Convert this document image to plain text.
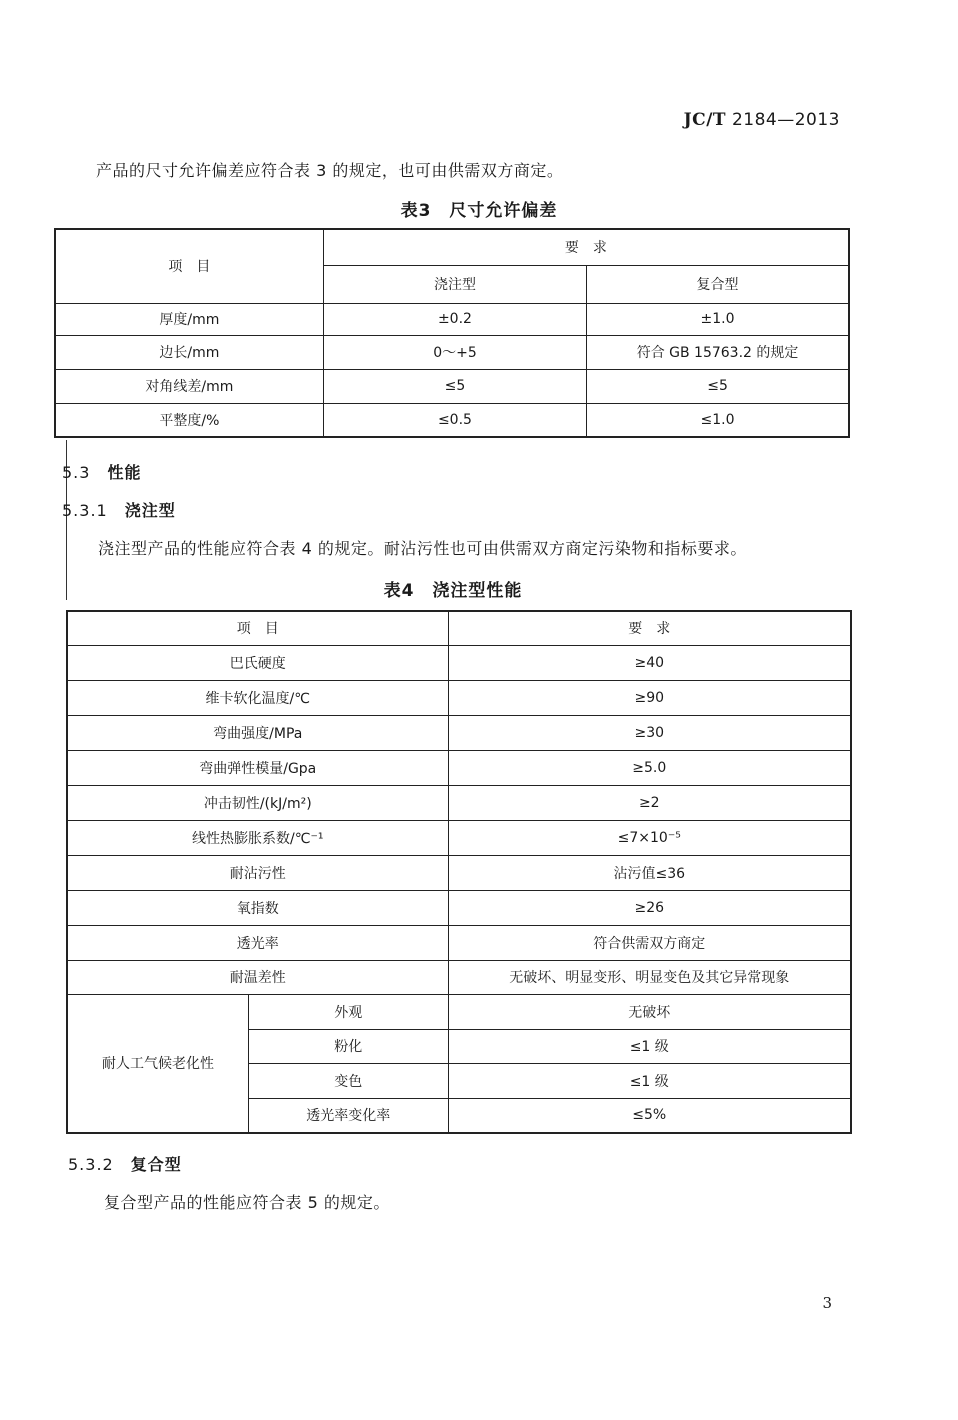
JC/T 2184—2013
产品的尺寸允许偏差应符合表 3 的规定，也可由供需双方商定。
表3　尺寸允许偏差
项　目	要　求	
	浇注型	复合型
厚度/mm	±0.2	±1.0
边长/mm	0～+5	符合 GB 15763.2 的规定
对角线差/mm	≤5	≤5
平整度/%	≤0.5	≤1.0
5.3　 性能
5.3.1　 浇注型
浇注型产品的性能应符合表 4 的规定。耐沾污性也可由供需双方商定污染物和指标要求。
表4　浇注型性能
项　目		要　求
巴氏硬度		≥40
维卡软化温度/℃		≥90
弯曲强度/MPa		≥30
弯曲弹性模量/Gpa		≥5.0
冲击韧性/(kJ/m²)		≥2
线性热膨胀系数/℃⁻¹		≤7×10⁻⁵
耐沾污性		沾污值≤36
氧指数		≥26
透光率		符合供需双方商定
耐温差性		无破坏、明显变形、明显变色及其它异常现象
耐人工气候老化性	外观	无破坏
	粉化	≤1 级
	变色	≤1 级
	透光率变化率	≤5%
5.3.2　 复合型
复合型产品的性能应符合表 5 的规定。
3
